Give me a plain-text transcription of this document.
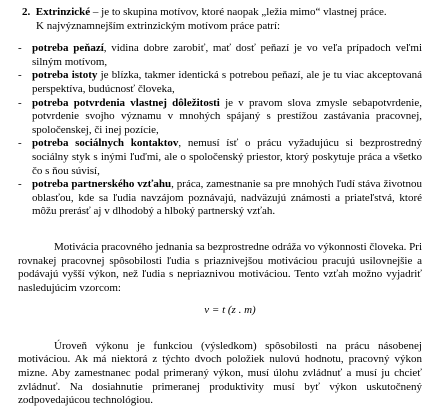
2. Extrinzické – je to skupina motívov, ktoré naopak „ležia mimo“ vlastnej práce.

K najvýznamnejším extrinzickým motívom práce patrí:

- potreba peňazí, vidina dobre zarobiť, mať dosť peňazí je vo veľa prípadoch veľmi silným motívom,

- potreba istoty je blízka, takmer identická s potrebou peňazí, ale je tu viac akceptovaná perspektíva, budúcnosť človeka,

- potreba potvrdenia vlastnej dôležitosti je v pravom slova zmysle sebapotvrdenie, potvrdenie svojho významu v mnohých spájaný s prestížou zastávania pracovnej, spoločenskej, či inej pozície,

- potreba sociálnych kontaktov, nemusí ísť o prácu vyžadujúcu si bezprostredný sociálny styk s inými ľuďmi, ale o spoločenský priestor, ktorý poskytuje práca a všetko čo s ňou súvisí,

- potreba partnerského vzťahu, práca, zamestnanie sa pre mnohých ľudí stáva životnou oblasťou, kde sa ľudia navzájom poznávajú, nadväzujú známosti a priateľstvá, ktoré môžu prerásť aj v dlhodobý a hlboký partnerský vzťah.

Motivácia pracovného jednania sa bezprostredne odráža vo výkonnosti človeka. Pri rovnakej pracovnej spôsobilosti ľudia s priaznivejšou motiváciou pracujú usilovnejšie a podávajú vyšší výkon, než ľudia s nepriaznivou motiváciou. Tento vzťah možno vyjadriť nasledujúcim vzorcom:

v = t (z . m)

Úroveň výkonu je funkciou (výsledkom) spôsobilosti na prácu násobenej motiváciou. Ak má niektorá z týchto dvoch položiek nulovú hodnotu, pracovný výkon mizne. Aby zamestnanec podal primeraný výkon, musí úlohu zvládnuť a musí ju chcieť zvládnuť. Na dosiahnutie primeranej produktivity musí byť výkon uskutočnený zodpovedajúcou technológiou.
